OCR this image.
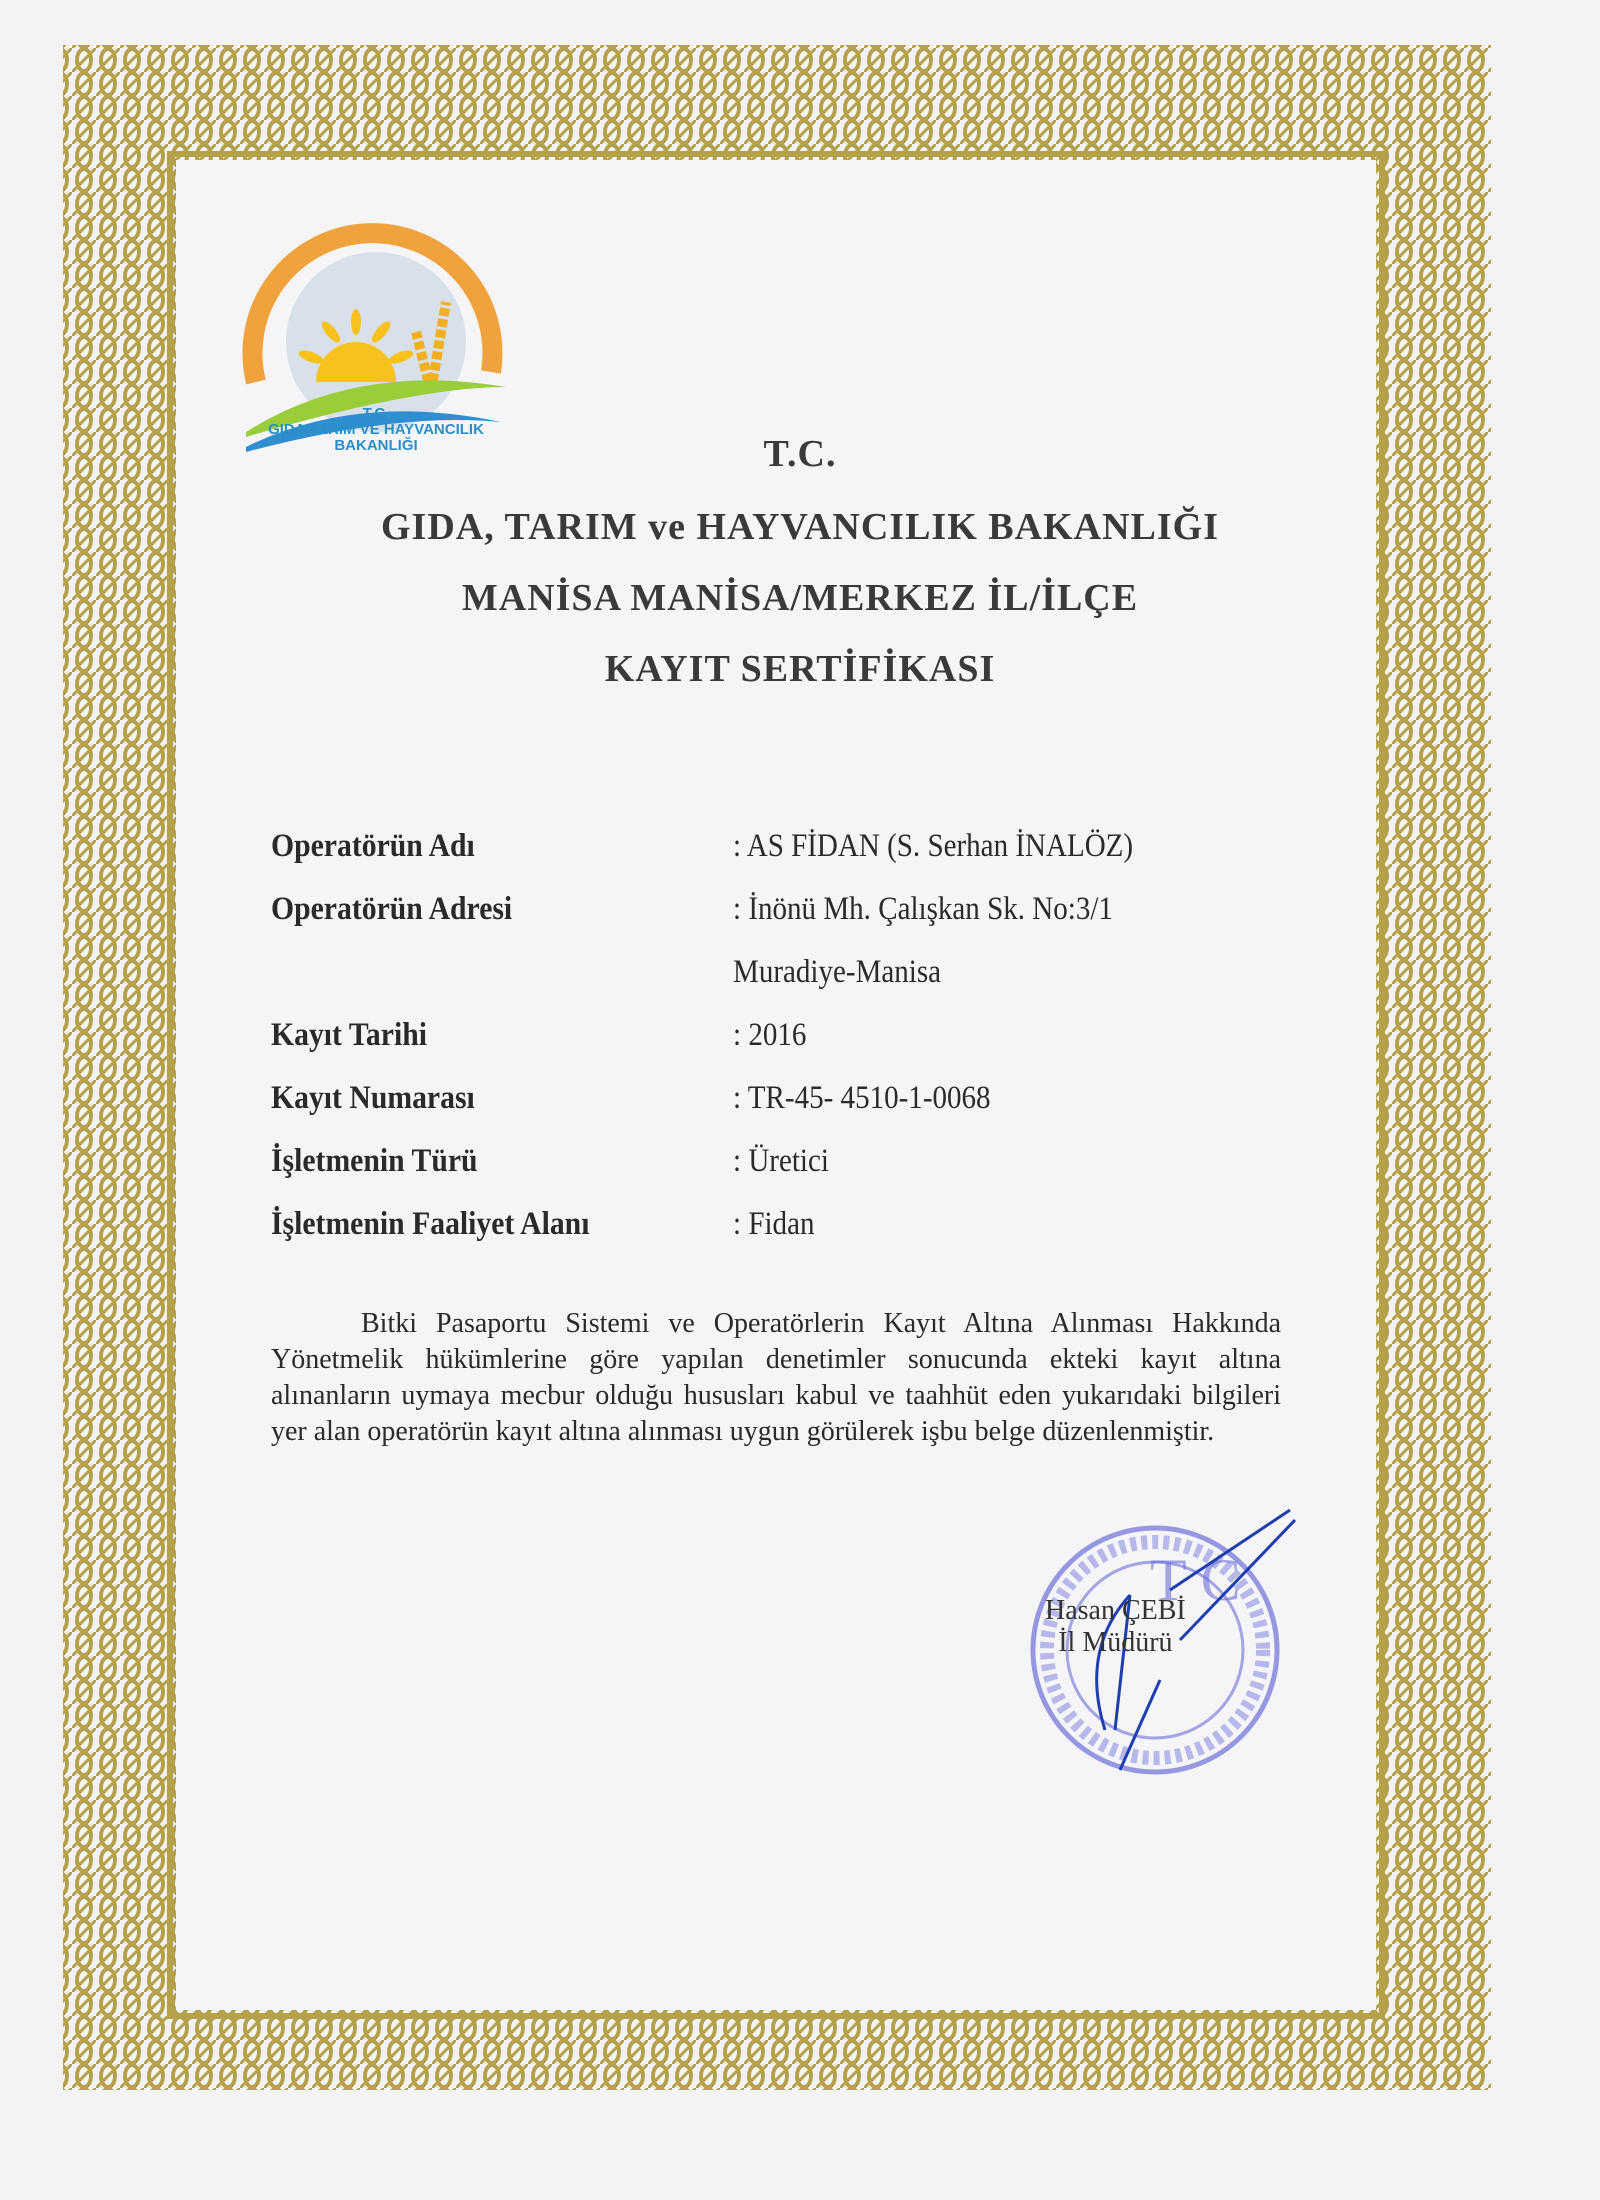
T.C.
GIDA TARIM VE HAYVANCILIK
BAKANLIĞI	T.C.
GIDA, TARIM ve HAYVANCILIK BAKANLIĞI
MANİSA MANİSA/MERKEZ İL/İLÇE
KAYIT SERTİFİKASI
Operatörün Adı	: AS FİDAN (S. Serhan İNALÖZ)
Operatörün Adresi	: İnönü Mh. Çalışkan Sk. No:3/1
Muradiye-Manisa
Kayıt Tarihi	: 2016
Kayıt Numarası	: TR-45- 4510-1-0068
İşletmenin Türü	: Üretici
İşletmenin Faaliyet Alanı	: Fidan
Bitki Pasaportu Sistemi ve Operatörlerin Kayıt Altına Alınması Hakkında Yönetmelik hükümlerine göre yapılan denetimler sonucunda ekteki kayıt altına alınanların uymaya mecbur olduğu hususları kabul ve taahhüt eden yukarıdaki bilgileri yer alan operatörün kayıt altına alınması uygun görülerek işbu belge düzenlenmiştir.
T C
Hasan ÇEBİ
İl Müdürü
